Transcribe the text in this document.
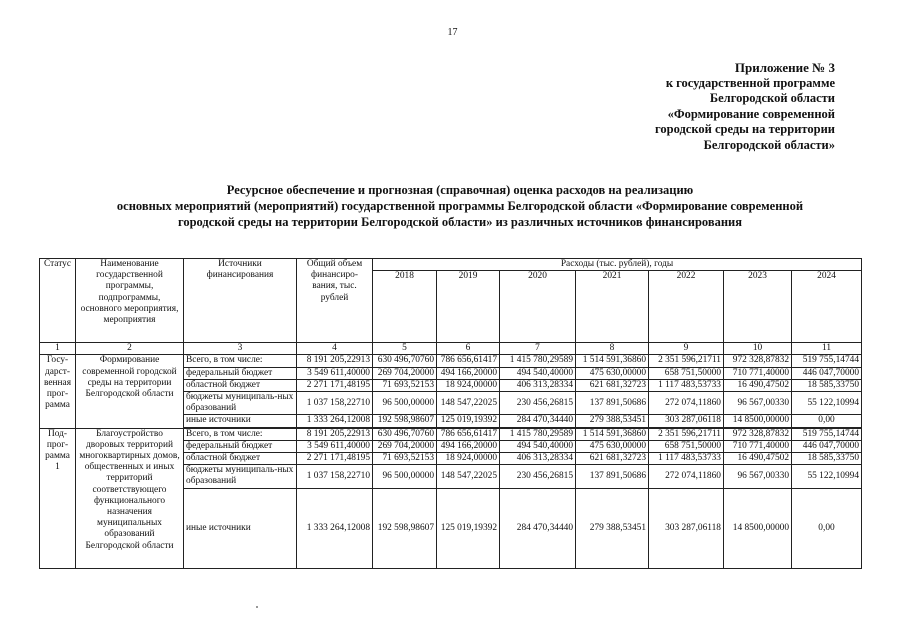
17
Приложение № 3
к государственной программе
Белгородской области
«Формирование современной
городской среды на территории
Белгородской области»
Ресурсное обеспечение и прогнозная (справочная) оценка расходов на реализацию
основных мероприятий (мероприятий) государственной программы Белгородской области «Формирование современной
городской среды на территории Белгородской области» из различных источников финансирования
Статус	Наименование государственной программы, подпрограммы, основного мероприятия, мероприятия	Источники финансирования	Общий объем финансиро-вания, тыс. рублей	Расходы (тыс. рублей), годы						
				2018	2019	2020	2021	2022	2023	2024
1	2	3	4	5	6	7	8	9	10	11
Госу-дарст-венная прог-рамма	Формирование современной городской среды на территории Белгородской области	Всего, в том числе:	8 191 205,22913	630 496,70760	786 656,61417	1 415 780,29589	1 514 591,36860	2 351 596,21711	972 328,87832	519 755,14744
		федеральный бюджет	3 549 611,40000	269 704,20000	494 166,20000	494 540,40000	475 630,00000	658 751,50000	710 771,40000	446 047,70000
		областной бюджет	2 271 171,48195	71 693,52153	18 924,00000	406 313,28334	621 681,32723	1 117 483,53733	16 490,47502	18 585,33750
		бюджеты муниципаль-ных образований	1 037 158,22710	96 500,00000	148 547,22025	230 456,26815	137 891,50686	272 074,11860	96 567,00330	55 122,10994
		иные источники	1 333 264,12008	192 598,98607	125 019,19392	284 470,34440	279 388,53451	303 287,06118	14 8500,00000	0,00

Под-прог-рамма 1	Благоустройство дворовых территорий многоквартирных домов, общественных и иных территорий соответствующего функционального назначения муниципальных образований Белгородской области	Всего, в том числе:	8 191 205,22913	630 496,70760	786 656,61417	1 415 780,29589	1 514 591,36860	2 351 596,21711	972 328,87832	519 755,14744
		федеральный бюджет	3 549 611,40000	269 704,20000	494 166,20000	494 540,40000	475 630,00000	658 751,50000	710 771,40000	446 047,70000
		областной бюджет	2 271 171,48195	71 693,52153	18 924,00000	406 313,28334	621 681,32723	1 117 483,53733	16 490,47502	18 585,33750
		бюджеты муниципаль-ных образований	1 037 158,22710	96 500,00000	148 547,22025	230 456,26815	137 891,50686	272 074,11860	96 567,00330	55 122,10994
		иные источники	1 333 264,12008	192 598,98607	125 019,19392	284 470,34440	279 388,53451	303 287,06118	14 8500,00000	0,00
